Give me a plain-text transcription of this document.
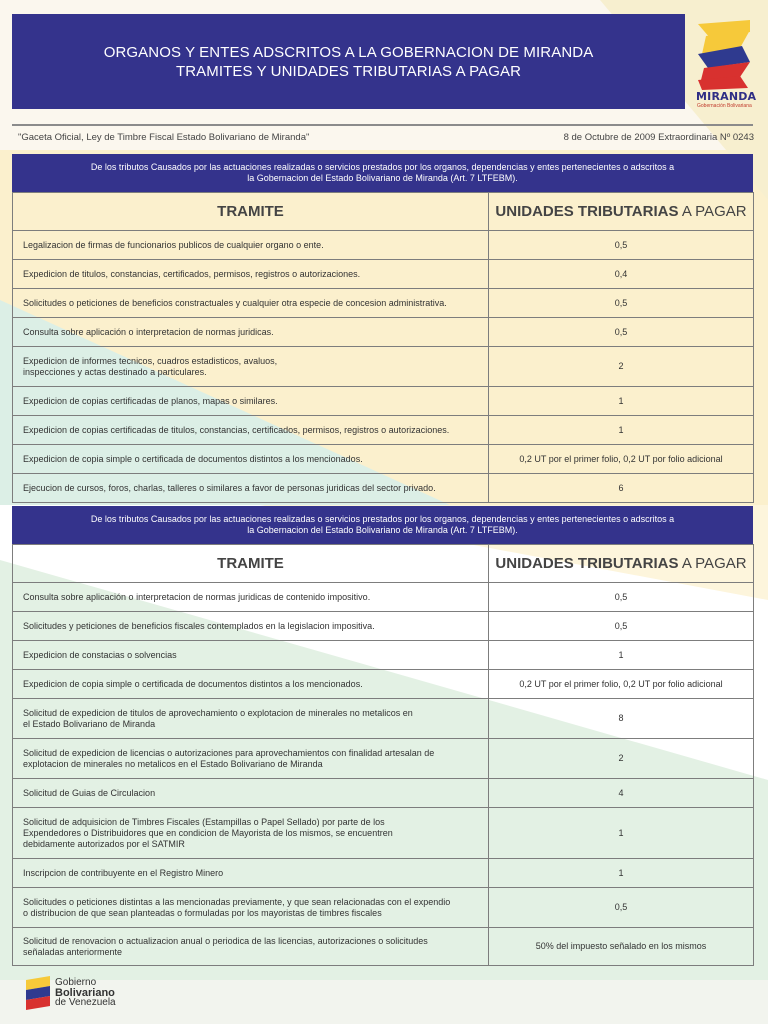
ORGANOS Y ENTES ADSCRITOS A LA GOBERNACION DE MIRANDA
TRAMITES Y UNIDADES TRIBUTARIAS A PAGAR
MIRANDA
Gobernación Bolivariana
"Gaceta Oficial, Ley de Timbre Fiscal Estado Bolivariano de Miranda"	8 de Octubre de 2009 Extraordinaria Nº 0243
De los tributos Causados por las actuaciones realizadas o servicios prestados por los organos, dependencias y entes pertenecientes o adscritos a
la Gobernacion del Estado Bolivariano de Miranda (Art. 7 LTFEBM).
TRAMITE	UNIDADES TRIBUTARIAS A PAGAR
Legalizacion de firmas de funcionarios publicos de cualquier organo o ente.	0,5
Expedicion de titulos, constancias, certificados, permisos, registros o autorizaciones.	0,4
Solicitudes o peticiones de beneficios constractuales y cualquier otra especie de concesion administrativa.	0,5
Consulta sobre aplicación o interpretacion de normas juridicas.	0,5
Expedicion de informes tecnicos, cuadros estadisticos, avaluos,
inspecciones y actas destinado a particulares.	2
Expedicion de copias certificadas de planos, mapas o similares.	1
Expedicion de copias certificadas de titulos, constancias, certificados, permisos, registros o autorizaciones.	1
Expedicion de copia simple o certificada de documentos distintos a los mencionados.	0,2 UT por el primer folio, 0,2 UT por folio adicional
Ejecucion de cursos, foros, charlas, talleres o similares a favor de personas juridicas del sector privado.	6
De los tributos Causados por las actuaciones realizadas o servicios prestados por los organos, dependencias y entes pertenecientes o adscritos a
la Gobernacion del Estado Bolivariano de Miranda (Art. 7 LTFEBM).
TRAMITE	UNIDADES TRIBUTARIAS A PAGAR
Consulta sobre aplicación o interpretacion de normas juridicas de contenido impositivo.	0,5
Solicitudes y peticiones de beneficios fiscales contemplados en la legislacion impositiva.	0,5
Expedicion de constacias o solvencias	1
Expedicion de copia simple o certificada de documentos distintos a los mencionados.	0,2 UT por el primer folio, 0,2 UT por folio adicional
Solicitud de expedicion de titulos de aprovechamiento o explotacion de minerales no metalicos en
el Estado Bolivariano de Miranda	8
Solicitud de expedicion de licencias o autorizaciones para aprovechamientos con finalidad artesalan de
explotacion de minerales no metalicos en el Estado Bolivariano de Miranda	2
Solicitud de Guias de Circulacion	4
Solicitud de adquisicion de Timbres Fiscales (Estampillas o Papel Sellado) por parte de los
Expendedores o Distribuidores que en condicion de Mayorista de los mismos, se encuentren
debidamente autorizados por el SATMIR	1
Inscripcion de contribuyente en el Registro Minero	1
Solicitudes o peticiones distintas a las mencionadas previamente, y que sean relacionadas con el expendio
o distribucion de que sean planteadas o formuladas por los mayoristas de timbres fiscales	0,5
Solicitud de renovacion o actualizacion anual o periodica de las licencias, autorizaciones o solicitudes
señaladas anteriormente	50% del impuesto señalado en los mismos
Gobierno
Bolivariano
de Venezuela
